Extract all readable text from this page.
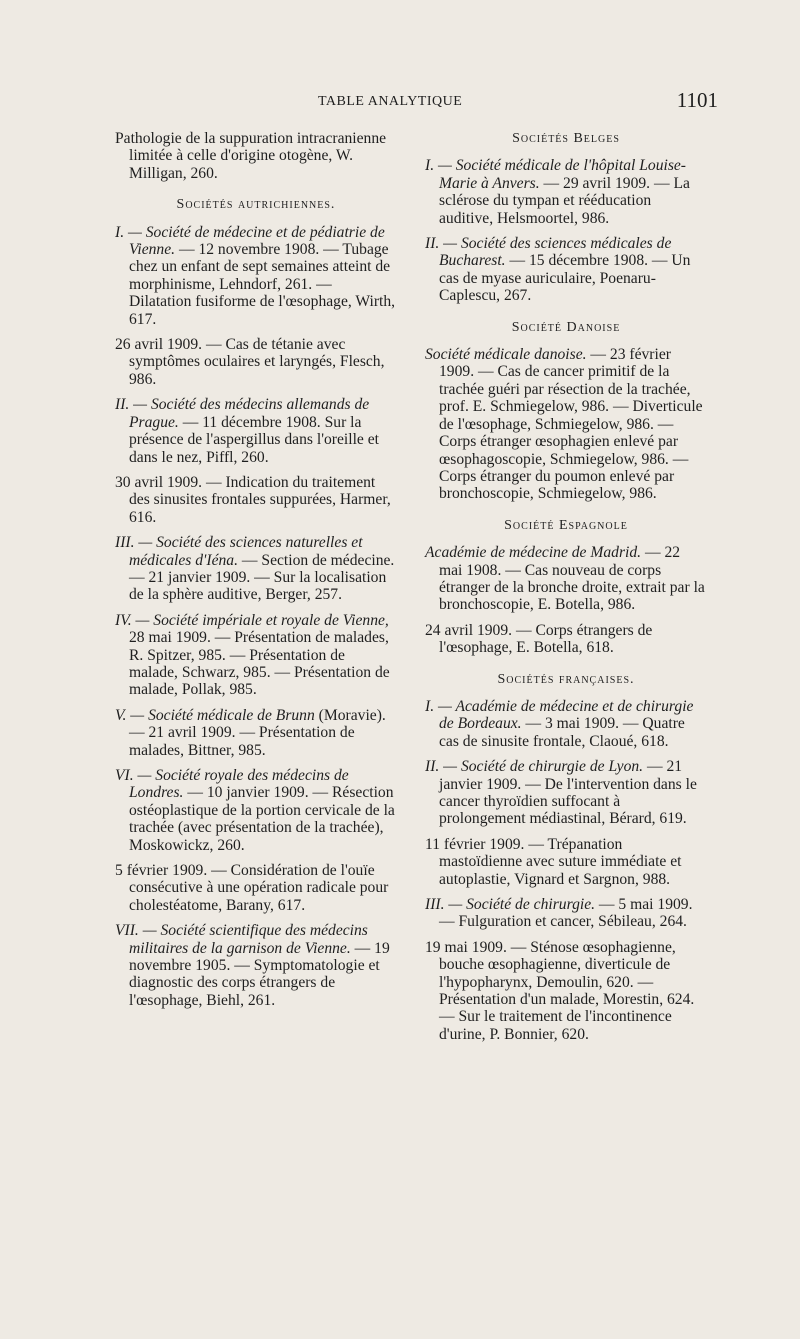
TABLE ANALYTIQUE	1101

Pathologie de la suppuration intracranienne limitée à celle d'origine otogène, W. Milligan, 260.

Sociétés autrichiennes.

I. — Société de médecine et de pédiatrie de Vienne. — 12 novembre 1908. — Tubage chez un enfant de sept semaines atteint de morphinisme, Lehndorf, 261. — Dilatation fusiforme de l'œsophage, Wirth, 617.

26 avril 1909. — Cas de tétanie avec symptômes oculaires et laryngés, Flesch, 986.

II. — Société des médecins allemands de Prague. — 11 décembre 1908. Sur la présence de l'aspergillus dans l'oreille et dans le nez, Piffl, 260.

30 avril 1909. — Indication du traitement des sinusites frontales suppurées, Harmer, 616.

III. — Société des sciences naturelles et médicales d'Iéna. — Section de médecine. — 21 janvier 1909. — Sur la localisation de la sphère auditive, Berger, 257.

IV. — Société impériale et royale de Vienne, 28 mai 1909. — Présentation de malades, R. Spitzer, 985. — Présentation de malade, Schwarz, 985. — Présentation de malade, Pollak, 985.

V. — Société médicale de Brunn (Moravie). — 21 avril 1909. — Présentation de malades, Bittner, 985.

VI. — Société royale des médecins de Londres. — 10 janvier 1909. — Résection ostéoplastique de la portion cervicale de la trachée (avec présentation de la trachée), Moskowickz, 260.

5 février 1909. — Considération de l'ouïe consécutive à une opération radicale pour cholestéatome, Barany, 617.

VII. — Société scientifique des médecins militaires de la garnison de Vienne. — 19 novembre 1905. — Symptomatologie et diagnostic des corps étrangers de l'œsophage, Biehl, 261.

Sociétés Belges

I. — Société médicale de l'hôpital Louise-Marie à Anvers. — 29 avril 1909. — La sclérose du tympan et rééducation auditive, Helsmoortel, 986.

II. — Société des sciences médicales de Bucharest. — 15 décembre 1908. — Un cas de myase auriculaire, Poenaru-Caplescu, 267.

Société Danoise

Société médicale danoise. — 23 février 1909. — Cas de cancer primitif de la trachée guéri par résection de la trachée, prof. E. Schmiegelow, 986. — Diverticule de l'œsophage, Schmiegelow, 986. — Corps étranger œsophagien enlevé par œsophagoscopie, Schmiegelow, 986. — Corps étranger du poumon enlevé par bronchoscopie, Schmiegelow, 986.

Société Espagnole

Académie de médecine de Madrid. — 22 mai 1908. — Cas nouveau de corps étranger de la bronche droite, extrait par la bronchoscopie, E. Botella, 986.

24 avril 1909. — Corps étrangers de l'œsophage, E. Botella, 618.

Sociétés françaises.

I. — Académie de médecine et de chirurgie de Bordeaux. — 3 mai 1909. — Quatre cas de sinusite frontale, Claoué, 618.

II. — Société de chirurgie de Lyon. — 21 janvier 1909. — De l'intervention dans le cancer thyroïdien suffocant à prolongement médiastinal, Bérard, 619.

11 février 1909. — Trépanation mastoïdienne avec suture immédiate et autoplastie, Vignard et Sargnon, 988.

III. — Société de chirurgie. — 5 mai 1909. — Fulguration et cancer, Sébileau, 264.

19 mai 1909. — Sténose œsophagienne, bouche œsophagienne, diverticule de l'hypopharynx, Demoulin, 620. — Présentation d'un malade, Morestin, 624. — Sur le traitement de l'incontinence d'urine, P. Bonnier, 620.
